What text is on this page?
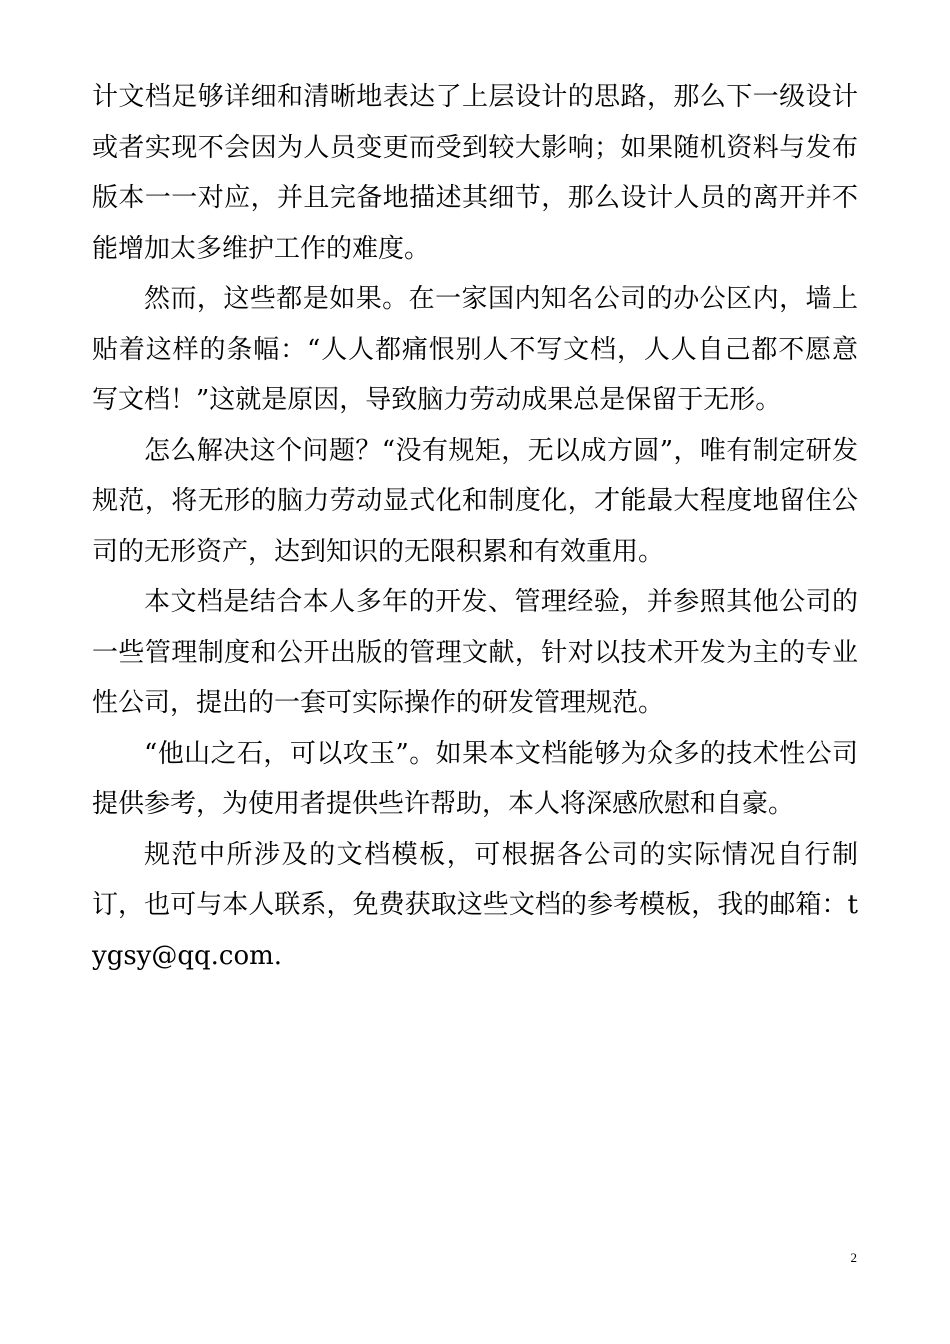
计文档足够详细和清晰地表达了上层设计的思路，那么下一级设计或者实现不会因为人员变更而受到较大影响；如果随机资料与发布版本一一对应，并且完备地描述其细节，那么设计人员的离开并不能增加太多维护工作的难度。

然而，这些都是如果。在一家国内知名公司的办公区内，墙上贴着这样的条幅：“人人都痛恨别人不写文档，人人自己都不愿意写文档！”这就是原因，导致脑力劳动成果总是保留于无形。

怎么解决这个问题？“没有规矩，无以成方圆”，唯有制定研发规范，将无形的脑力劳动显式化和制度化，才能最大程度地留住公司的无形资产，达到知识的无限积累和有效重用。

本文档是结合本人多年的开发、管理经验，并参照其他公司的一些管理制度和公开出版的管理文献，针对以技术开发为主的专业性公司，提出的一套可实际操作的研发管理规范。

“他山之石，可以攻玉”。如果本文档能够为众多的技术性公司提供参考，为使用者提供些许帮助，本人将深感欣慰和自豪。

规范中所涉及的文档模板，可根据各公司的实际情况自行制订，也可与本人联系，免费获取这些文档的参考模板，我的邮箱：tygsy@qq.com.

2
